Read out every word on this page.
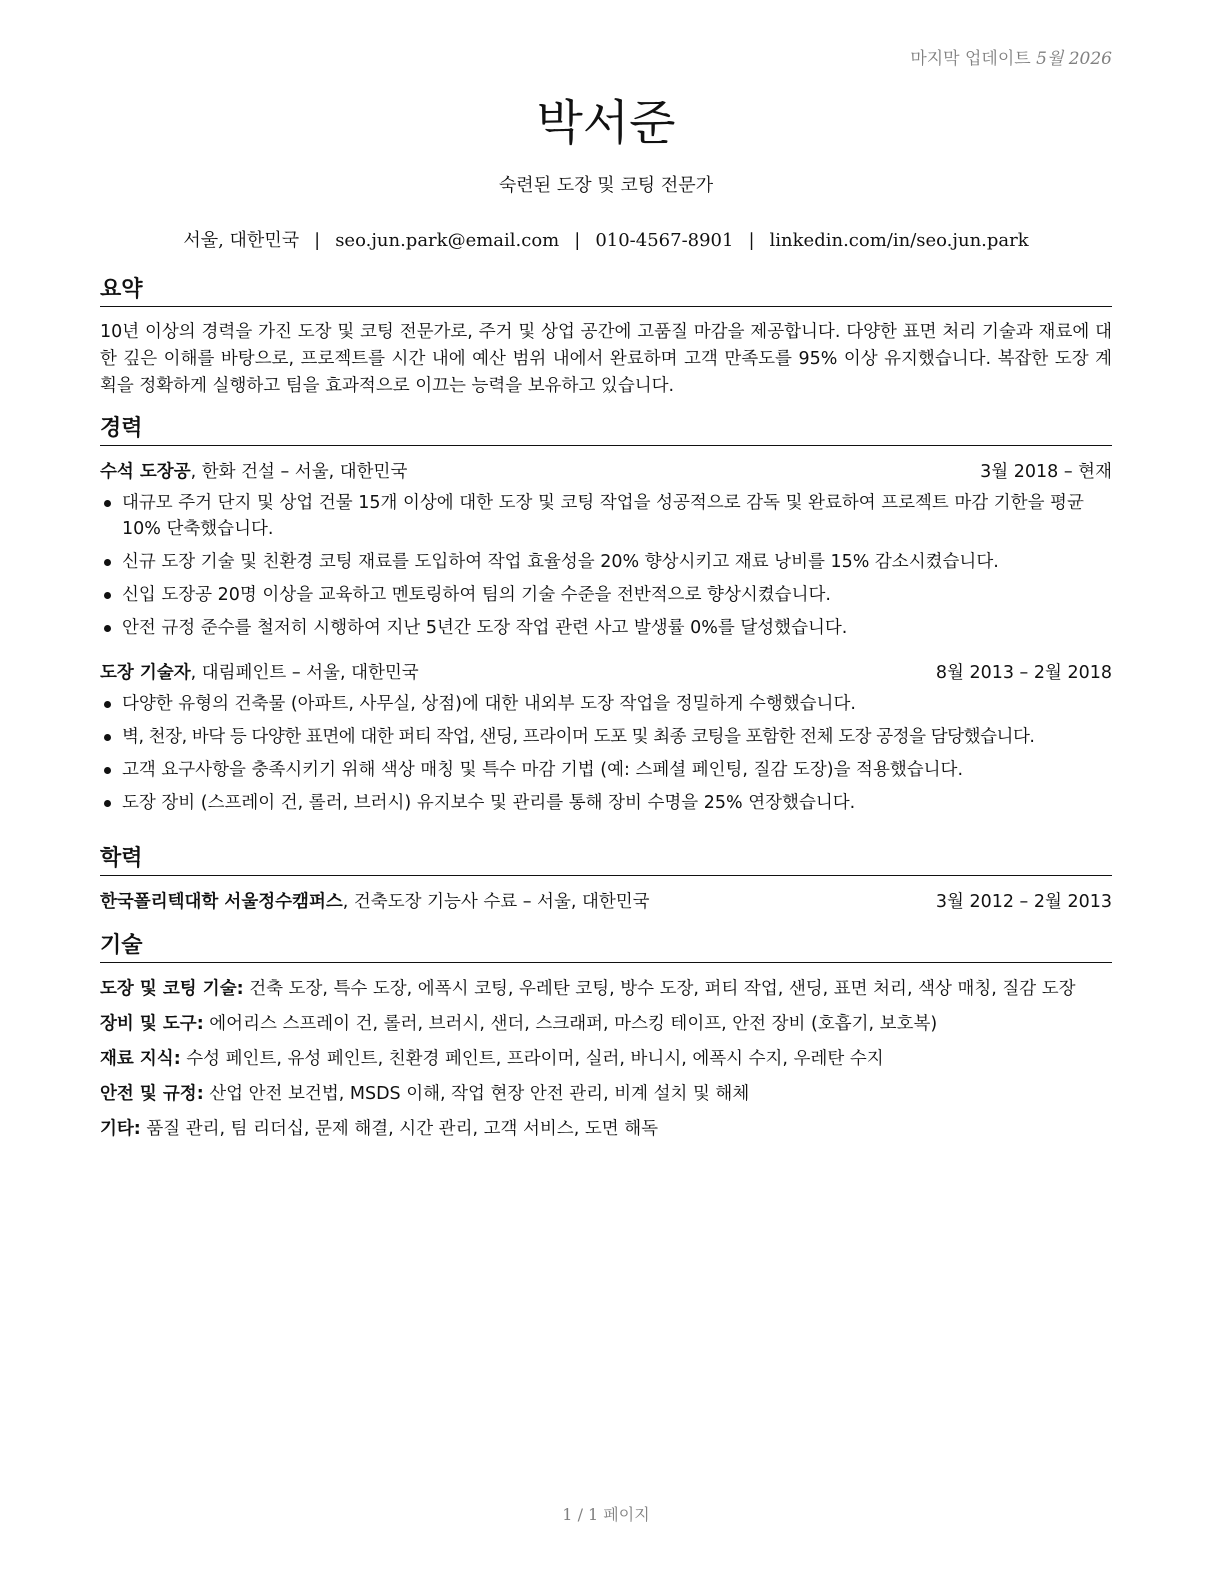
마지막 업데이트 5월 2026
박서준
숙련된 도장 및 코팅 전문가
서울, 대한민국 | seo.jun.park@email.com | 010-4567-8901 | linkedin.com/in/seo.jun.park
요약
10년 이상의 경력을 가진 도장 및 코팅 전문가로, 주거 및 상업 공간에 고품질 마감을 제공합니다. 다양한 표면 처리 기술과 재료에 대한 깊은 이해를 바탕으로, 프로젝트를 시간 내에 예산 범위 내에서 완료하며 고객 만족도를 95% 이상 유지했습니다. 복잡한 도장 계획을 정확하게 실행하고 팀을 효과적으로 이끄는 능력을 보유하고 있습니다.
경력
수석 도장공, 한화 건설 – 서울, 대한민국	3월 2018 – 현재
대규모 주거 단지 및 상업 건물 15개 이상에 대한 도장 및 코팅 작업을 성공적으로 감독 및 완료하여 프로젝트 마감 기한을 평균 10% 단축했습니다.
신규 도장 기술 및 친환경 코팅 재료를 도입하여 작업 효율성을 20% 향상시키고 재료 낭비를 15% 감소시켰습니다.
신입 도장공 20명 이상을 교육하고 멘토링하여 팀의 기술 수준을 전반적으로 향상시켰습니다.
안전 규정 준수를 철저히 시행하여 지난 5년간 도장 작업 관련 사고 발생률 0%를 달성했습니다.
도장 기술자, 대림페인트 – 서울, 대한민국	8월 2013 – 2월 2018
다양한 유형의 건축물 (아파트, 사무실, 상점)에 대한 내외부 도장 작업을 정밀하게 수행했습니다.
벽, 천장, 바닥 등 다양한 표면에 대한 퍼티 작업, 샌딩, 프라이머 도포 및 최종 코팅을 포함한 전체 도장 공정을 담당했습니다.
고객 요구사항을 충족시키기 위해 색상 매칭 및 특수 마감 기법 (예: 스페셜 페인팅, 질감 도장)을 적용했습니다.
도장 장비 (스프레이 건, 롤러, 브러시) 유지보수 및 관리를 통해 장비 수명을 25% 연장했습니다.
학력
한국폴리텍대학 서울정수캠퍼스, 건축도장 기능사 수료 – 서울, 대한민국	3월 2012 – 2월 2013
기술
도장 및 코팅 기술: 건축 도장, 특수 도장, 에폭시 코팅, 우레탄 코팅, 방수 도장, 퍼티 작업, 샌딩, 표면 처리, 색상 매칭, 질감 도장
장비 및 도구: 에어리스 스프레이 건, 롤러, 브러시, 샌더, 스크래퍼, 마스킹 테이프, 안전 장비 (호흡기, 보호복)
재료 지식: 수성 페인트, 유성 페인트, 친환경 페인트, 프라이머, 실러, 바니시, 에폭시 수지, 우레탄 수지
안전 및 규정: 산업 안전 보건법, MSDS 이해, 작업 현장 안전 관리, 비계 설치 및 해체
기타: 품질 관리, 팀 리더십, 문제 해결, 시간 관리, 고객 서비스, 도면 해독
1 / 1 페이지
